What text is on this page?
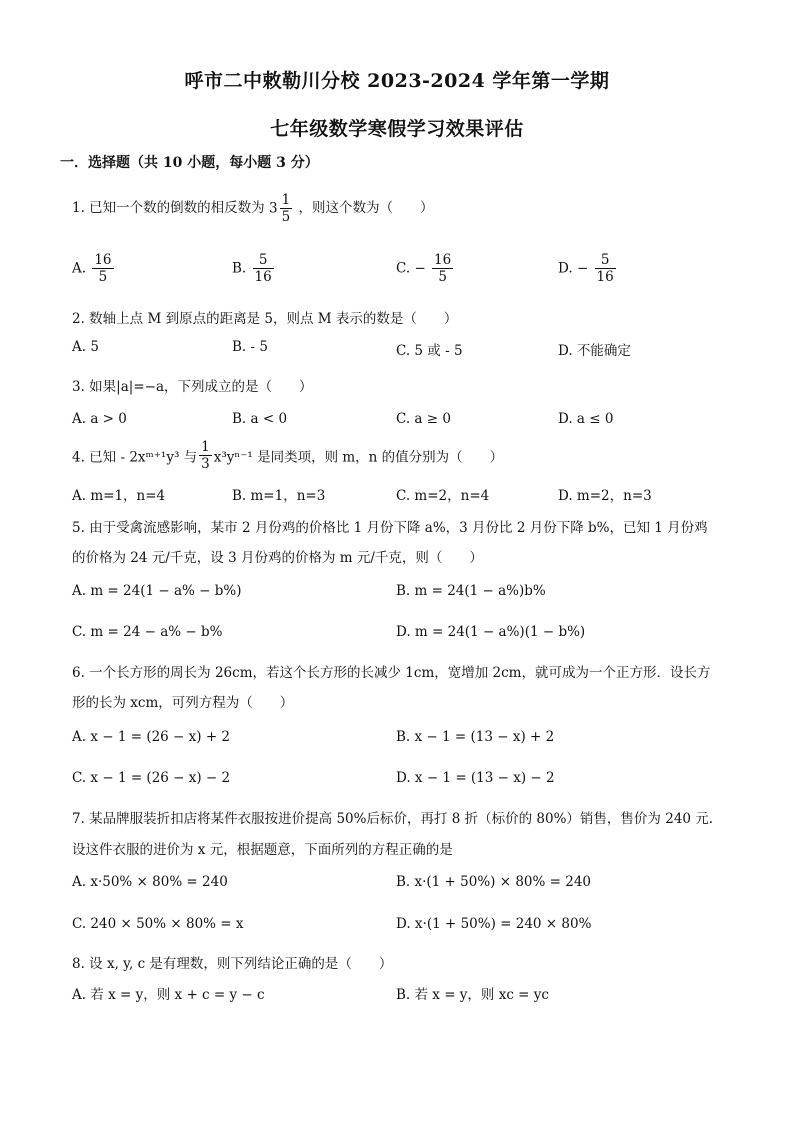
呼市二中敕勒川分校 2023-2024 学年第一学期
七年级数学寒假学习效果评估
一．选择题（共 10 小题，每小题 3 分）
1. 已知一个数的倒数的相反数为 $3 \frac{1}{5}$ ，则这个数为（　　）
A. $\frac{16}{5}$	B. $\frac{5}{16}$	C. − $\frac{16}{5}$	D. − $\frac{5}{16}$
2. 数轴上点 M 到原点的距离是 5，则点 M 表示的数是（　　）
A. 5	B. - 5	C. 5 或 - 5	D. 不能确定
3. 如果|a|=−a，下列成立的是（　　）
A. a > 0	B. a < 0	C. a ≥ 0	D. a ≤ 0
4. 已知 - 2xᵐ⁺¹y³ 与 $\frac{1}{3} x^3y^{n-1}$ 是同类项，则 m，n 的值分别为（　　）
A. m=1，n=4	B. m=1，n=3	C. m=2，n=4	D. m=2，n=3
5. 由于受禽流感影响，某市 2 月份鸡的价格比 1 月份下降 a%，3 月份比 2 月份下降 b%，已知 1 月份鸡
的价格为 24 元/千克，设 3 月份鸡的价格为 m 元/千克，则（　　）
A. m = 24(1 − a% − b%)	B. m = 24(1 − a%)b%
C. m = 24 − a% − b%	D. m = 24(1 − a%)(1 − b%)
6. 一个长方形的周长为 26cm，若这个长方形的长减少 1cm，宽增加 2cm，就可成为一个正方形．设长方
形的长为 xcm，可列方程为（　　）
A. x − 1 = (26 − x) + 2	B. x − 1 = (13 − x) + 2
C. x − 1 = (26 − x) − 2	D. x − 1 = (13 − x) − 2
7. 某品牌服装折扣店将某件衣服按进价提高 50%后标价，再打 8 折（标价的 80%）销售，售价为 240 元.
设这件衣服的进价为 x 元，根据题意，下面所列的方程正确的是
A. x·50% × 80% = 240	B. x·(1 + 50%) × 80% = 240
C. 240 × 50% × 80% = x	D. x·(1 + 50%) = 240 × 80%
8. 设 x, y, c 是有理数，则下列结论正确的是（　　）
A. 若 x = y，则 x + c = y − c	B. 若 x = y，则 xc = yc
